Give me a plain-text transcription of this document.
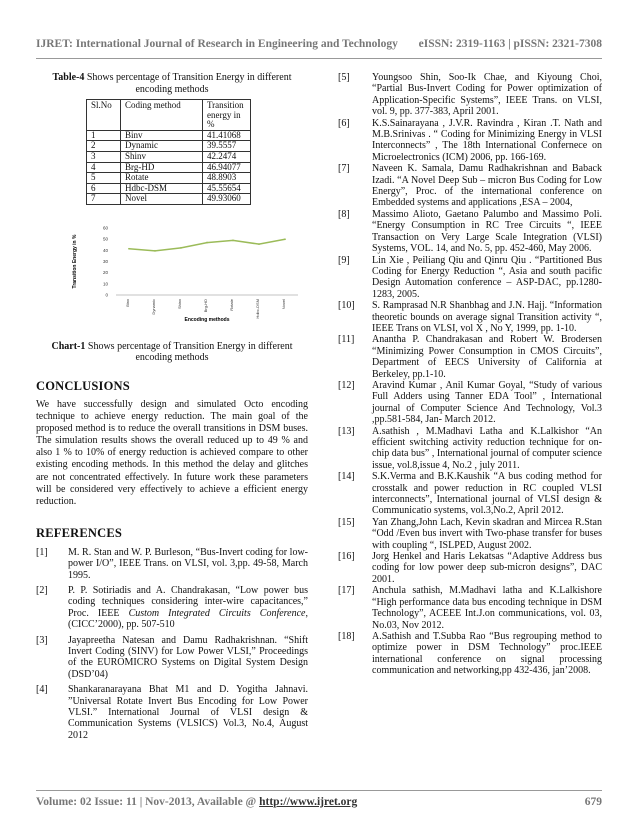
IJRET: International Journal of Research in Engineering and Technology eISSN: 2319-1163 | pISSN: 2321-7308
Table-4 Shows percentage of Transition Energy in different encoding methods
Sl.No	Coding method	Transition energy in %
1	Binv	41.41068
2	Dynamic	39.5557
3	Shinv	42.2474
4	Brg-HD	46.94077
5	Rotate	48.8903
6	Hdbc-DSM	45.55654
7	Novel	49.93060
Transition Energy in %
0
10
20
30
40
50
60
Binv	Dynamic	Shinv	Brg-HD	Rotate	Hdbc-DSM	Novel
Encoding methods
Chart-1 Shows percentage of Transition Energy in different encoding methods
CONCLUSIONS

We have successfully design and simulated Octo encoding technique to achieve energy reduction. The main goal of the proposed method is to reduce the overall transitions in DSM buses. The simulation results shows the overall reduced up to 49 % and also 1 % to 10% of energy reduction is achieved compare to other existing encoding methods. In this method the delay and glitches are not concentrated effectively. In future work these parameters will be considered very effectively to achieve a efficient energy reduction.

REFERENCES
[1]	M. R. Stan and W. P. Burleson, “Bus-Invert coding for low-power I/O”, IEEE Trans. on VLSI, vol. 3,pp. 49-58, March 1995.
[2]	P. P. Sotiriadis and A. Chandrakasan, “Low power bus coding techniques considering inter-wire capacitances,” Proc. IEEE Custom Integrated Circuits Conference, (CICC’2000), pp. 507-510
[3]	Jayapreetha Natesan and Damu Radhakrishnan. “Shift Invert Coding (SINV) for Low Power VLSI,” Proceedings of the EUROMICRO Systems on Digital System Design (DSD’04)
[4]	Shankaranarayana Bhat M1 and D. Yogitha Jahnavi. ”Universal Rotate Invert Bus Encoding for Low Power VLSI.” International Journal of VLSI design & Communication Systems (VLSICS) Vol.3, No.4, August 2012
[5]	Youngsoo Shin, Soo-Ik Chae, and Kiyoung Choi, “Partial Bus-Invert Coding for Power optimization of Application-Specific Systems”, IEEE Trans. on VLSI, vol. 9, pp. 377-383, April 2001.
[6]	K.S.Sainarayana , J.V.R. Ravindra , Kiran .T. Nath and M.B.Srinivas . “ Coding for Minimizing Energy in VLSI Interconnects” , The 18th International Confernece on Microelectronics (ICM) 2006, pp. 166-169.
[7]	Naveen K. Samala, Damu Radhakrishnan and Baback Izadi. “A Novel Deep Sub – micron Bus Coding for Low Energy”, Proc. of the international conference on Embedded systems and applications ,ESA – 2004,
[8]	Massimo Alioto, Gaetano Palumbo and Massimo Poli. “Energy Consumption in RC Tree Circuits “, IEEE Transaction on Very Large Scale Integration (VLSI) Systems, VOL. 14, and No. 5, pp. 452-460, May 2006.
[9]	Lin Xie , Peiliang Qiu and Qinru Qiu . “Partitioned Bus Coding for Energy Reduction “, Asia and south pacific Design Automation conference – ASP-DAC, pp.1280-1283, 2005.
[10]	S. Ramprasad N.R Shanbhag and J.N. Hajj. “Information theoretic bounds on average signal Transition activity “, IEEE Trans on VLSI, vol X , No Y, 1999, pp. 1-10.
[11]	Anantha P. Chandrakasan and Robert W. Brodersen “Minimizing Power Consumption in CMOS Circuits”, Department of EECS University of California at Berkeley, pp.1-10.
[12]	Aravind Kumar , Anil Kumar Goyal, “Study of various Full Adders using Tanner EDA Tool” , International journal of Computer Science And Technology, Vol.3 ,pp.581-584, Jan- March 2012.
[13]	A.sathish , M.Madhavi Latha and K.Lalkishor “An efficient switching activity reduction technique for on-chip data bus” , International journal of computer science issue, vol.8,issue 4, No.2 , july 2011.
[14]	S.K.Verma and B.K.Kaushik “A bus coding method for crosstalk and power reduction in RC coupled VLSI interconnects”, International journal of VLSI design & Communicatio systems, vol.3,No.2, April 2012.
[15]	Yan Zhang,John Lach, Kevin skadran and Mircea R.Stan “Odd /Even bus invert with Two-phase transfer for buses with coupling “, ISLPED, August 2002.
[16]	Jorg Henkel and Haris Lekatsas “Adaptive Address bus coding for low power deep sub-micron designs”, DAC 2001.
[17]	Anchula sathish, M.Madhavi latha and K.Lalkishore “High performance data bus encoding technique in DSM Technology”, ACEEE Int.J.on communications, vol. 03, No.03, Nov 2012.
[18]	A.Sathish and T.Subba Rao “Bus regrouping method to optimize power in DSM Technology” proc.IEEE international conference on signal processing communication and networking,pp 432-436, jan’2008.
Volume: 02 Issue: 11 | Nov-2013, Available @ http://www.ijret.org	679
